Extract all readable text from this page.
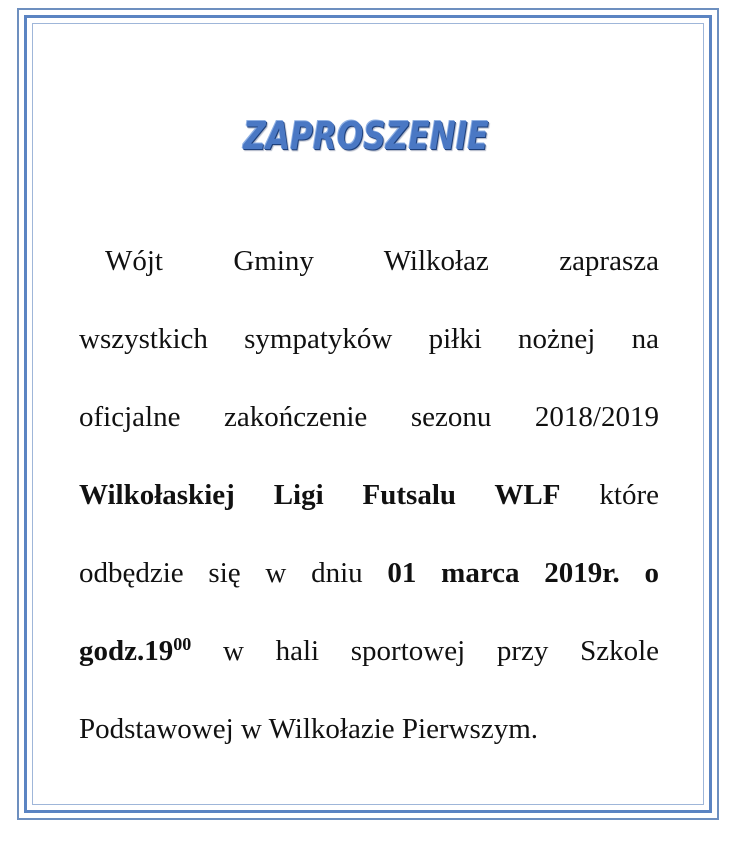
ZAPROSZENIE
Wójt Gminy Wilkołaz zaprasza
wszystkich sympatyków piłki nożnej na
oficjalne zakończenie sezonu 2018/2019
Wilkołaskiej Ligi Futsalu WLF które
odbędzie się w dniu 01 marca 2019r. o
$godz.19^{00}$ w hali sportowej przy Szkole
Podstawowej w Wilkołazie Pierwszym.
